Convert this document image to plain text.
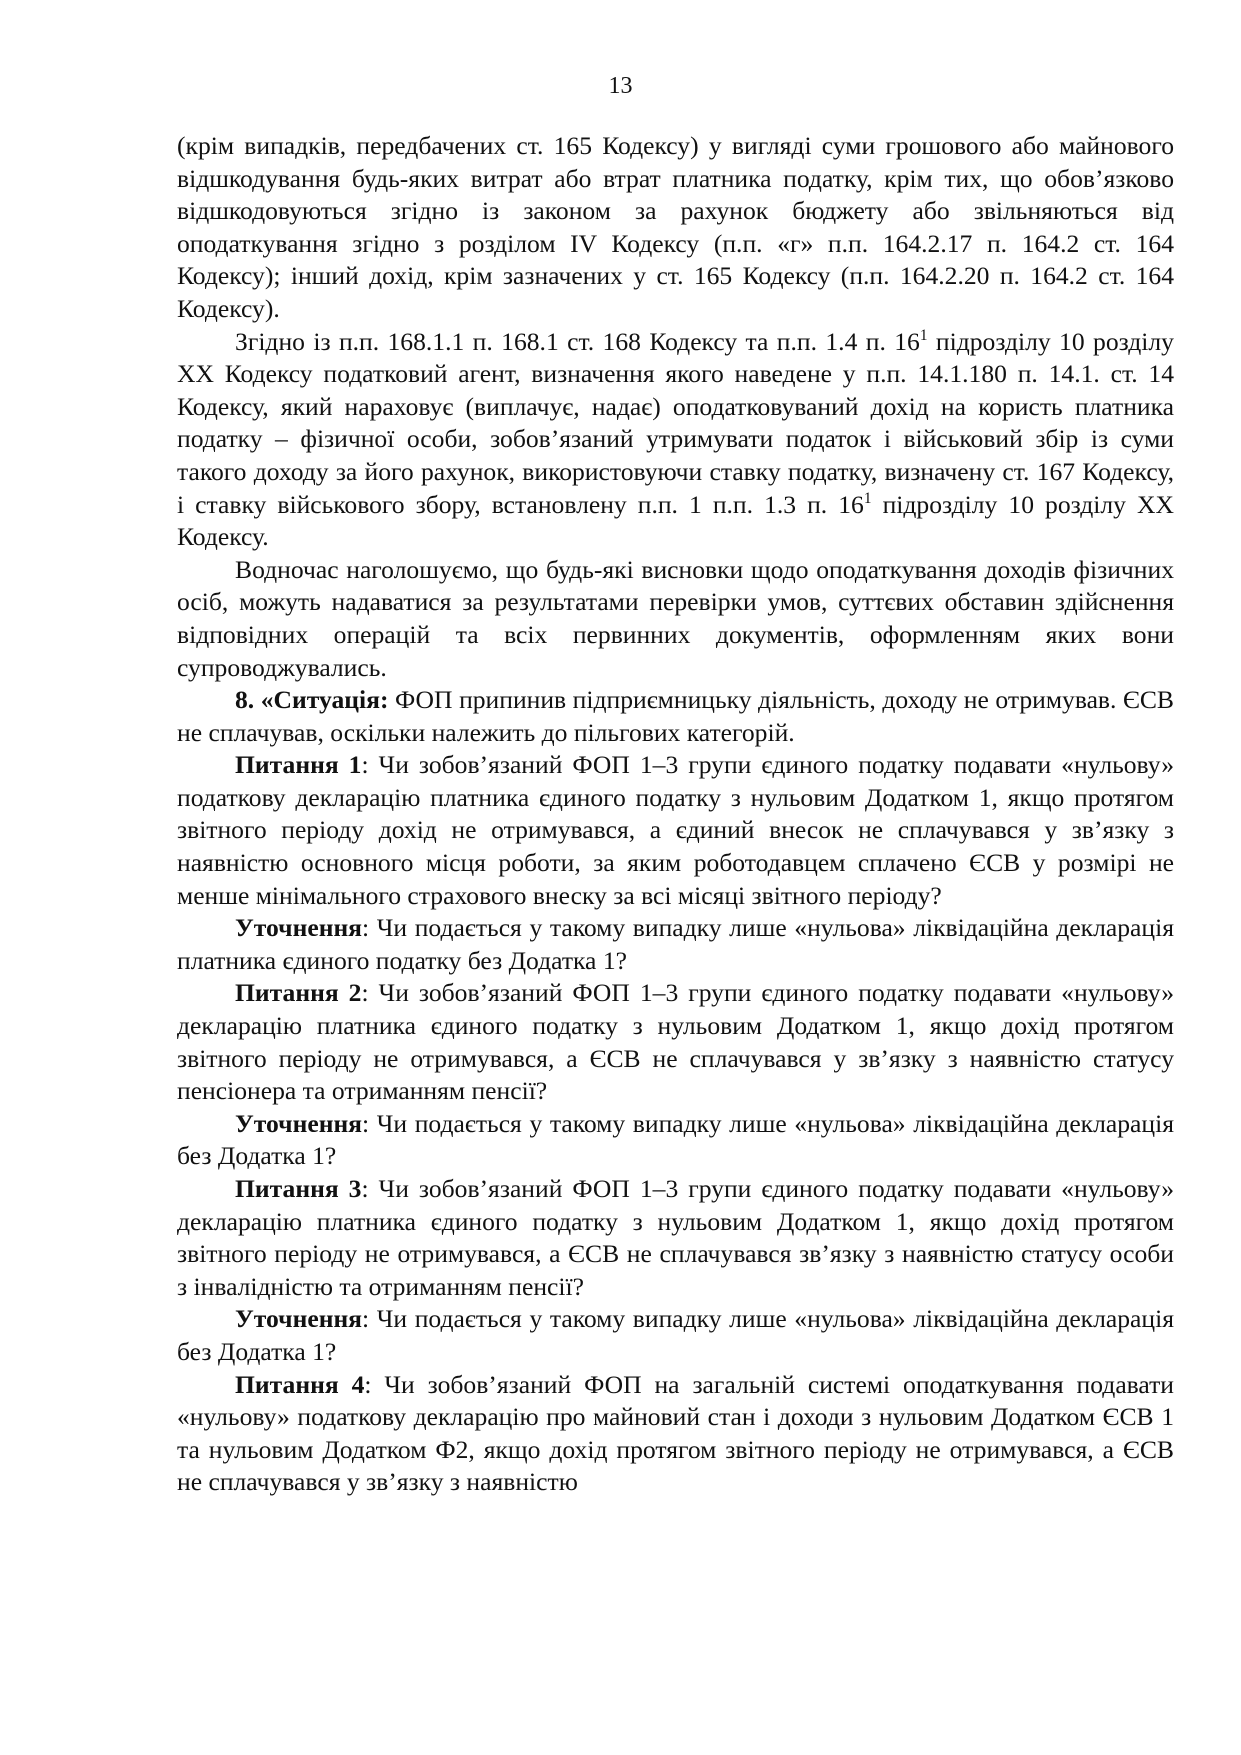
13

(крім випадків, передбачених ст. 165 Кодексу) у вигляді суми грошового або майнового відшкодування будь-яких витрат або втрат платника податку, крім тих, що обов’язково відшкодовуються згідно із законом за рахунок бюджету або звільняються від оподаткування згідно з розділом IV Кодексу (п.п. «г» п.п. 164.2.17 п. 164.2 ст. 164 Кодексу); інший дохід, крім зазначених у ст. 165 Кодексу (п.п. 164.2.20 п. 164.2 ст. 164 Кодексу).

Згідно із п.п. 168.1.1 п. 168.1 ст. 168 Кодексу та п.п. 1.4 п. $16^1$ підрозділу 10 розділу XX Кодексу податковий агент, визначення якого наведене у п.п. 14.1.180 п. 14.1. ст. 14 Кодексу, який нараховує (виплачує, надає) оподатковуваний дохід на користь платника податку – фізичної особи, зобов’язаний утримувати податок і військовий збір із суми такого доходу за його рахунок, використовуючи ставку податку, визначену ст. 167 Кодексу, і ставку військового збору, встановлену п.п. 1 п.п. 1.3 п. $16^1$ підрозділу 10 розділу XX Кодексу.

Водночас наголошуємо, що будь-які висновки щодо оподаткування доходів фізичних осіб, можуть надаватися за результатами перевірки умов, суттєвих обставин здійснення відповідних операцій та всіх первинних документів, оформленням яких вони супроводжувались.

8. «Ситуація: ФОП припинив підприємницьку діяльність, доходу не отримував. ЄСВ не сплачував, оскільки належить до пільгових категорій.

Питання 1: Чи зобов’язаний ФОП 1–3 групи єдиного податку подавати «нульову» податкову декларацію платника єдиного податку з нульовим Додатком 1, якщо протягом звітного періоду дохід не отримувався, а єдиний внесок не сплачувався у зв’язку з наявністю основного місця роботи, за яким роботодавцем сплачено ЄСВ у розмірі не менше мінімального страхового внеску за всі місяці звітного періоду?

Уточнення: Чи подається у такому випадку лише «нульова» ліквідаційна декларація платника єдиного податку без Додатка 1?

Питання 2: Чи зобов’язаний ФОП 1–3 групи єдиного податку подавати «нульову» декларацію платника єдиного податку з нульовим Додатком 1, якщо дохід протягом звітного періоду не отримувався, а ЄСВ не сплачувався у зв’язку з наявністю статусу пенсіонера та отриманням пенсії?

Уточнення: Чи подається у такому випадку лише «нульова» ліквідаційна декларація без Додатка 1?

Питання 3: Чи зобов’язаний ФОП 1–3 групи єдиного податку подавати «нульову» декларацію платника єдиного податку з нульовим Додатком 1, якщо дохід протягом звітного періоду не отримувався, а ЄСВ не сплачувався зв’язку з наявністю статусу особи з інвалідністю та отриманням пенсії?

Уточнення: Чи подається у такому випадку лише «нульова» ліквідаційна декларація без Додатка 1?

Питання 4: Чи зобов’язаний ФОП на загальній системі оподаткування подавати «нульову» податкову декларацію про майновий стан і доходи з нульовим Додатком ЄСВ 1 та нульовим Додатком Ф2, якщо дохід протягом звітного періоду не отримувався, а ЄСВ не сплачувався у зв’язку з наявністю
